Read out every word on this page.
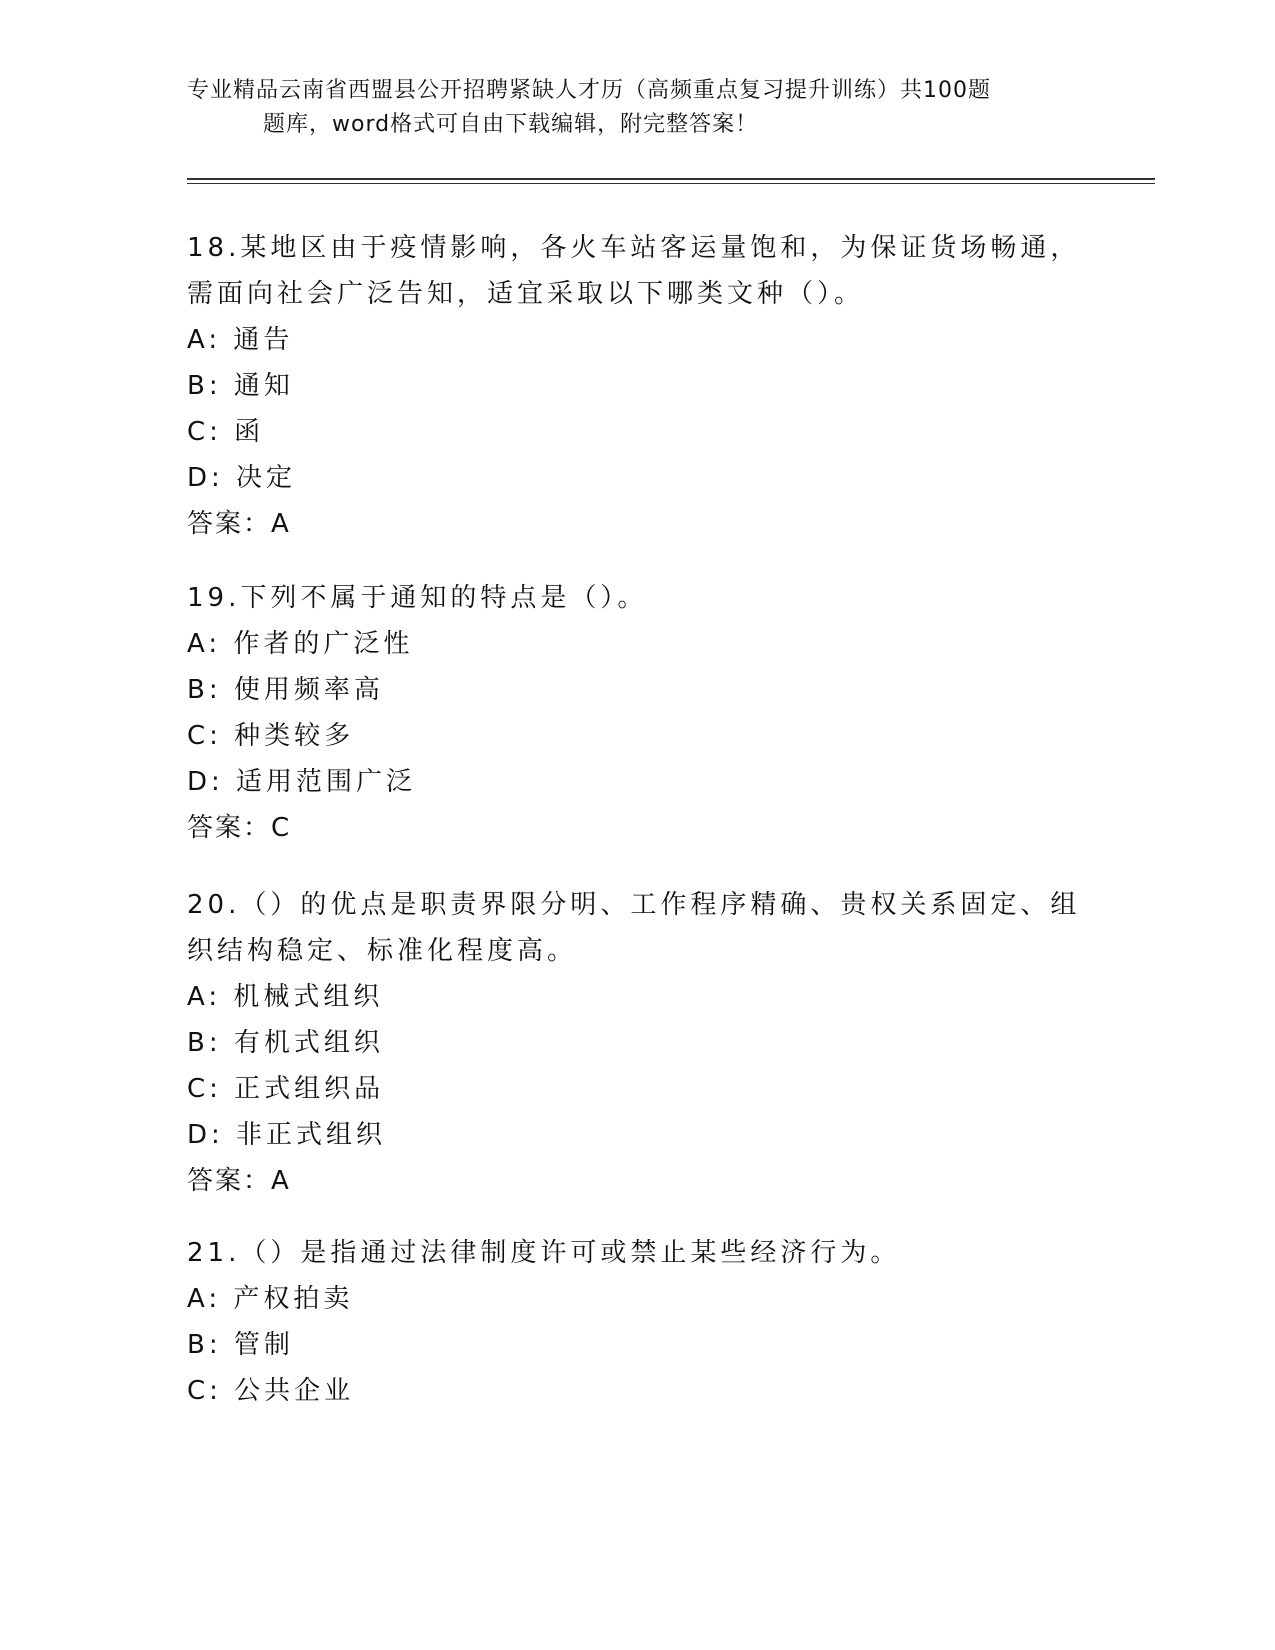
专业精品云南省西盟县公开招聘紧缺人才历（高频重点复习提升训练）共100题
题库，word格式可自由下载编辑，附完整答案！
18.某地区由于疫情影响，各火车站客运量饱和，为保证货场畅通，需面向社会广泛告知，适宜采取以下哪类文种（）。
A: 通告
B: 通知
C: 函
D: 决定
答案：A
19.下列不属于通知的特点是（）。
A: 作者的广泛性
B: 使用频率高
C: 种类较多
D: 适用范围广泛
答案：C
20.（）的优点是职责界限分明、工作程序精确、贵权关系固定、组织结构稳定、标准化程度高。
A: 机械式组织
B: 有机式组织
C: 正式组织品
D: 非正式组织
答案：A
21.（）是指通过法律制度许可或禁止某些经济行为。
A: 产权拍卖
B: 管制
C: 公共企业
